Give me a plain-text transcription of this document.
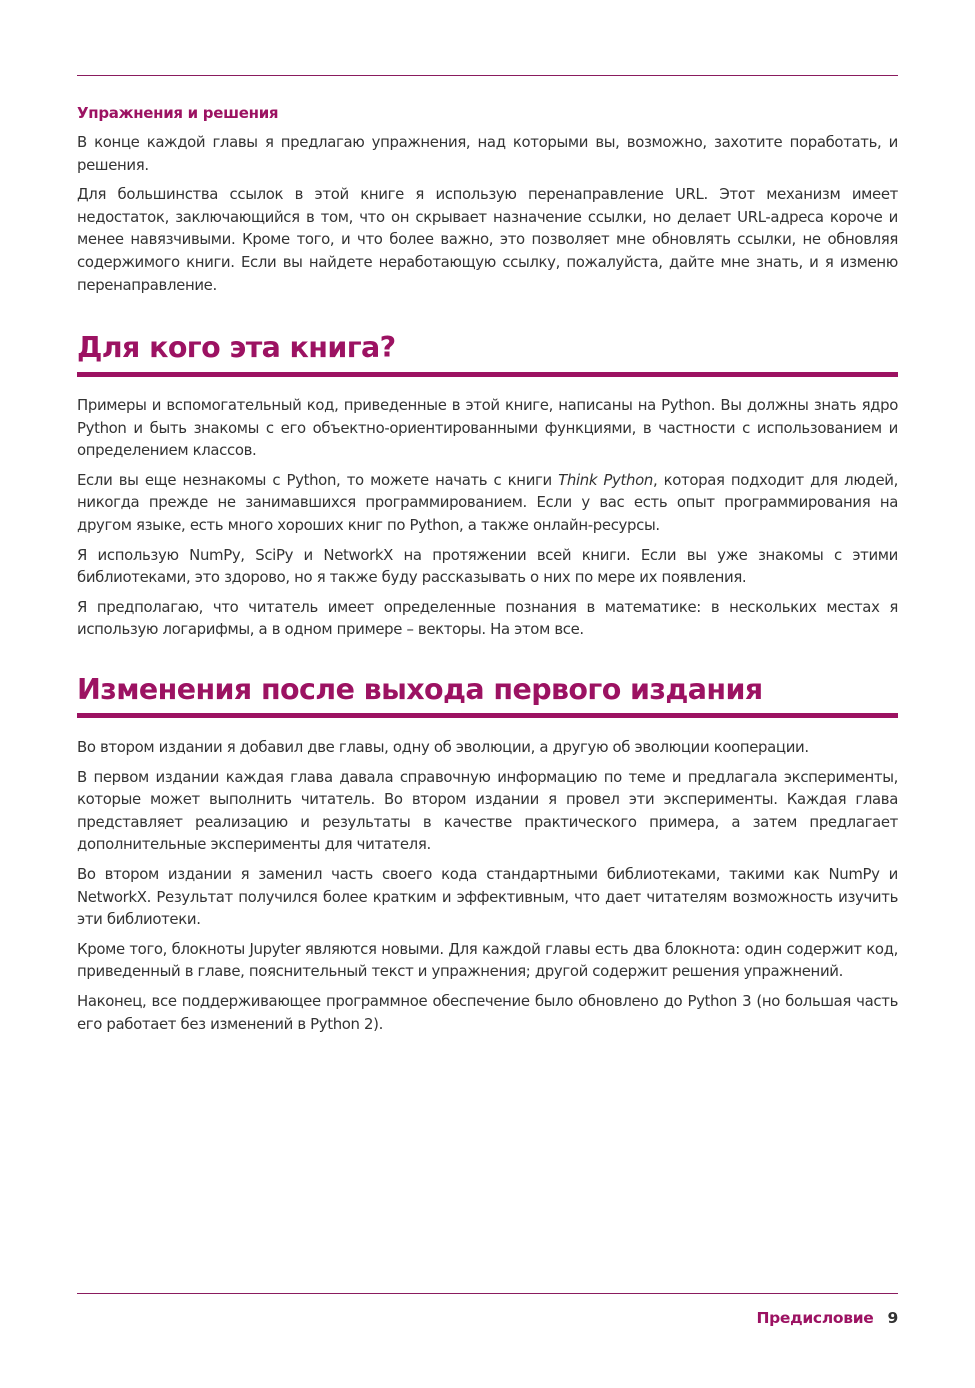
Упражнения и решения

В конце каждой главы я предлагаю упражнения, над которыми вы, возможно, захотите поработать, и решения.

Для большинства ссылок в этой книге я использую перенаправление URL. Этот механизм имеет недостаток, заключающийся в том, что он скрывает назначение ссылки, но делает URL-адреса короче и менее навязчивыми. Кроме того, и что более важно, это позволяет мне обновлять ссылки, не обновляя содержимого книги. Если вы найдете неработающую ссылку, пожалуйста, дайте мне знать, и я изменю перенаправление.

Для кого эта книга?

Примеры и вспомогательный код, приведенные в этой книге, написаны на Python. Вы должны знать ядро Python и быть знакомы с его объектно-ориентированными функциями, в частности с использованием и определением классов.

Если вы еще незнакомы с Python, то можете начать с книги Think Python, которая подходит для людей, никогда прежде не занимавшихся программированием. Если у вас есть опыт программирования на другом языке, есть много хороших книг по Python, а также онлайн-ресурсы.

Я использую NumPy, SciPy и NetworkX на протяжении всей книги. Если вы уже знакомы с этими библиотеками, это здорово, но я также буду рассказывать о них по мере их появления.

Я предполагаю, что читатель имеет определенные познания в математике: в нескольких местах я использую логарифмы, а в одном примере – векторы. На этом все.

Изменения после выхода первого издания

Во втором издании я добавил две главы, одну об эволюции, а другую об эволюции кооперации.

В первом издании каждая глава давала справочную информацию по теме и предлагала эксперименты, которые может выполнить читатель. Во втором издании я провел эти эксперименты. Каждая глава представляет реализацию и результаты в качестве практического примера, а затем предлагает дополнительные эксперименты для читателя.

Во втором издании я заменил часть своего кода стандартными библиотеками, такими как NumPy и NetworkX. Результат получился более кратким и эффективным, что дает читателям возможность изучить эти библиотеки.

Кроме того, блокноты Jupyter являются новыми. Для каждой главы есть два блокнота: один содержит код, приведенный в главе, пояснительный текст и упражнения; другой содержит решения упражнений.

Наконец, все поддерживающее программное обеспечение было обновлено до Python 3 (но большая часть его работает без изменений в Python 2).

Предисловие 9
